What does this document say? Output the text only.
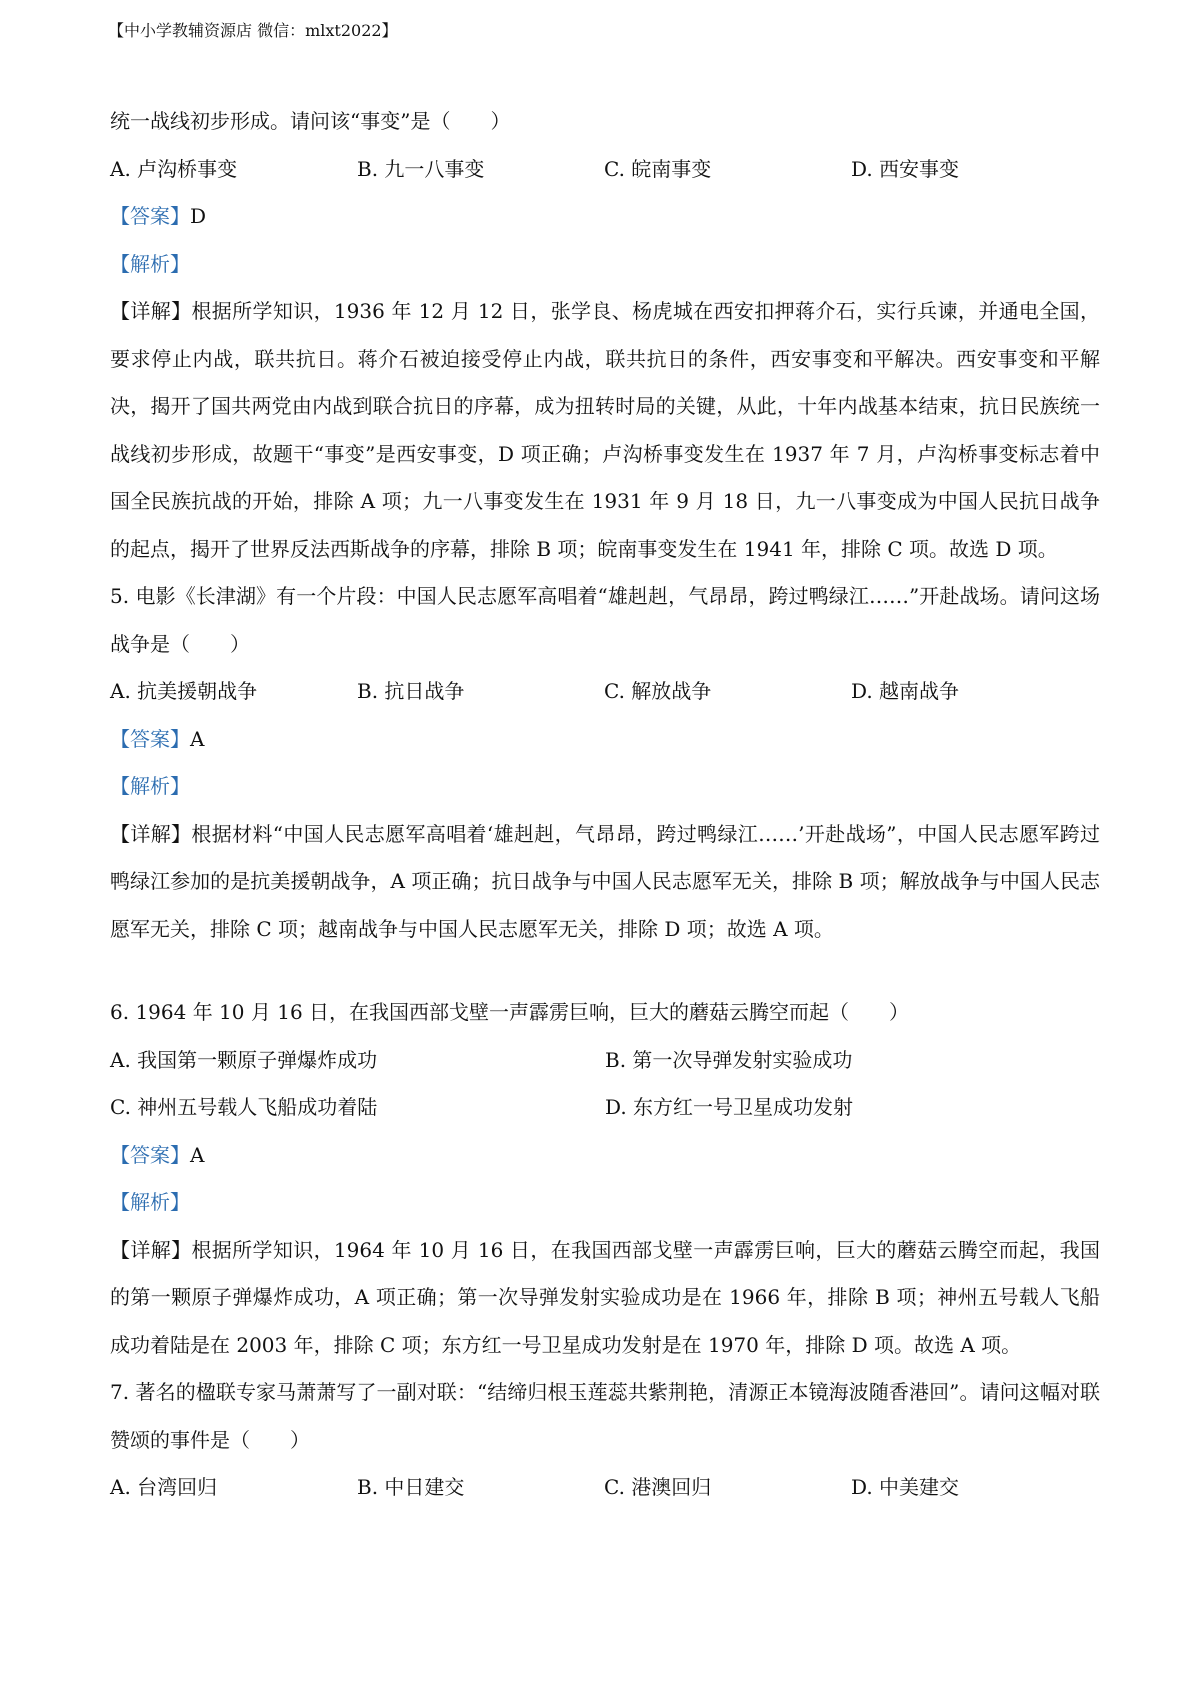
【中小学教辅资源店 微信：mlxt2022】
统一战线初步形成。请问该“事变”是（　　）
A. 卢沟桥事变	B. 九一八事变	C. 皖南事变	D. 西安事变
【答案】D
【解析】
【详解】根据所学知识，1936 年 12 月 12 日，张学良、杨虎城在西安扣押蒋介石，实行兵谏，并通电全国，要求停止内战，联共抗日。蒋介石被迫接受停止内战，联共抗日的条件，西安事变和平解决。西安事变和平解决，揭开了国共两党由内战到联合抗日的序幕，成为扭转时局的关键，从此，十年内战基本结束，抗日民族统一战线初步形成，故题干“事变”是西安事变，D 项正确；卢沟桥事变发生在 1937 年 7 月，卢沟桥事变标志着中国全民族抗战的开始，排除 A 项；九一八事变发生在 1931 年 9 月 18 日，九一八事变成为中国人民抗日战争的起点，揭开了世界反法西斯战争的序幕，排除 B 项；皖南事变发生在 1941 年，排除 C 项。故选 D 项。
5. 电影《长津湖》有一个片段：中国人民志愿军高唱着“雄赳赳，气昂昂，跨过鸭绿江……”开赴战场。请问这场战争是（　　）
A. 抗美援朝战争	B. 抗日战争	C. 解放战争	D. 越南战争
【答案】A
【解析】
【详解】根据材料“中国人民志愿军高唱着‘雄赳赳，气昂昂，跨过鸭绿江……’开赴战场”，中国人民志愿军跨过鸭绿江参加的是抗美援朝战争，A 项正确；抗日战争与中国人民志愿军无关，排除 B 项；解放战争与中国人民志愿军无关，排除 C 项；越南战争与中国人民志愿军无关，排除 D 项；故选 A 项。
6. 1964 年 10 月 16 日，在我国西部戈壁一声霹雳巨响，巨大的蘑菇云腾空而起（　　）
A. 我国第一颗原子弹爆炸成功	B. 第一次导弹发射实验成功
C. 神州五号载人飞船成功着陆	D. 东方红一号卫星成功发射
【答案】A
【解析】
【详解】根据所学知识，1964 年 10 月 16 日，在我国西部戈壁一声霹雳巨响，巨大的蘑菇云腾空而起，我国的第一颗原子弹爆炸成功，A 项正确；第一次导弹发射实验成功是在 1966 年，排除 B 项；神州五号载人飞船成功着陆是在 2003 年，排除 C 项；东方红一号卫星成功发射是在 1970 年，排除 D 项。故选 A 项。
7. 著名的楹联专家马萧萧写了一副对联：“结缔归根玉莲蕊共紫荆艳，清源正本镜海波随香港回”。请问这幅对联赞颂的事件是（　　）
A. 台湾回归	B. 中日建交	C. 港澳回归	D. 中美建交
